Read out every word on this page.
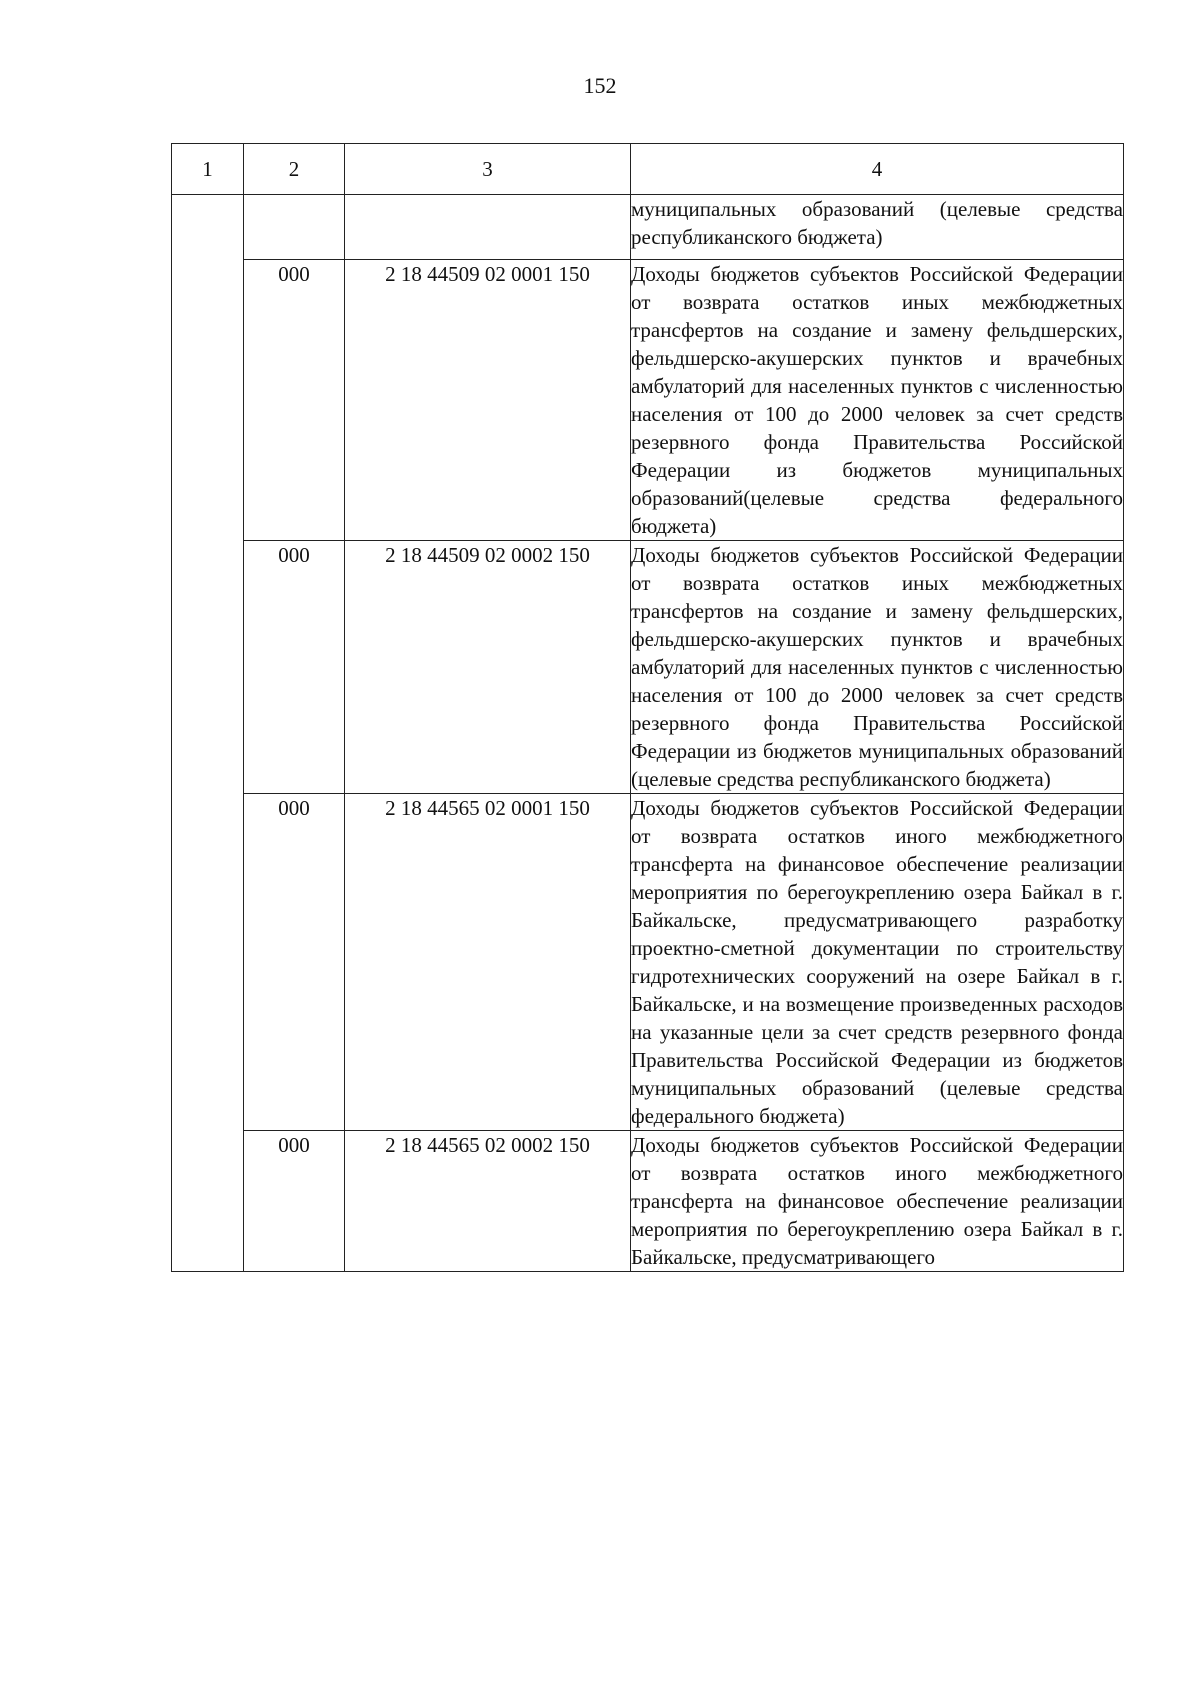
152
1	2	3	4

			муниципальных образований (целевые средства республиканского бюджета)

	000	2 18 44509 02 0001 150	Доходы бюджетов субъектов Российской Федерации от возврата остатков иных межбюджетных трансфертов на создание и замену фельдшерских, фельдшерско-акушерских пунктов и врачебных амбулаторий для населенных пунктов с численностью населения от 100 до 2000 человек за счет средств резервного фонда Правительства Российской Федерации из бюджетов муниципальных образований(целевые средства федерального бюджета)

	000	2 18 44509 02 0002 150	Доходы бюджетов субъектов Российской Федерации от возврата остатков иных межбюджетных трансфертов на создание и замену фельдшерских, фельдшерско-акушерских пунктов и врачебных амбулаторий для населенных пунктов с численностью населения от 100 до 2000 человек за счет средств резервного фонда Правительства Российской Федерации из бюджетов муниципальных образований (целевые средства республиканского бюджета)

	000	2 18 44565 02 0001 150	Доходы бюджетов субъектов Российской Федерации от возврата остатков иного межбюджетного трансферта на финансовое обеспечение реализации мероприятия по берегоукреплению озера Байкал в г. Байкальске, предусматривающего разработку проектно-сметной документации по строительству гидротехнических сооружений на озере Байкал в г. Байкальске, и на возмещение произведенных расходов на указанные цели за счет средств резервного фонда Правительства Российской Федерации из бюджетов муниципальных образований (целевые средства федерального бюджета)

	000	2 18 44565 02 0002 150	Доходы бюджетов субъектов Российской Федерации от возврата остатков иного межбюджетного трансферта на финансовое обеспечение реализации мероприятия по берегоукреплению озера Байкал в г. Байкальске, предусматривающего
